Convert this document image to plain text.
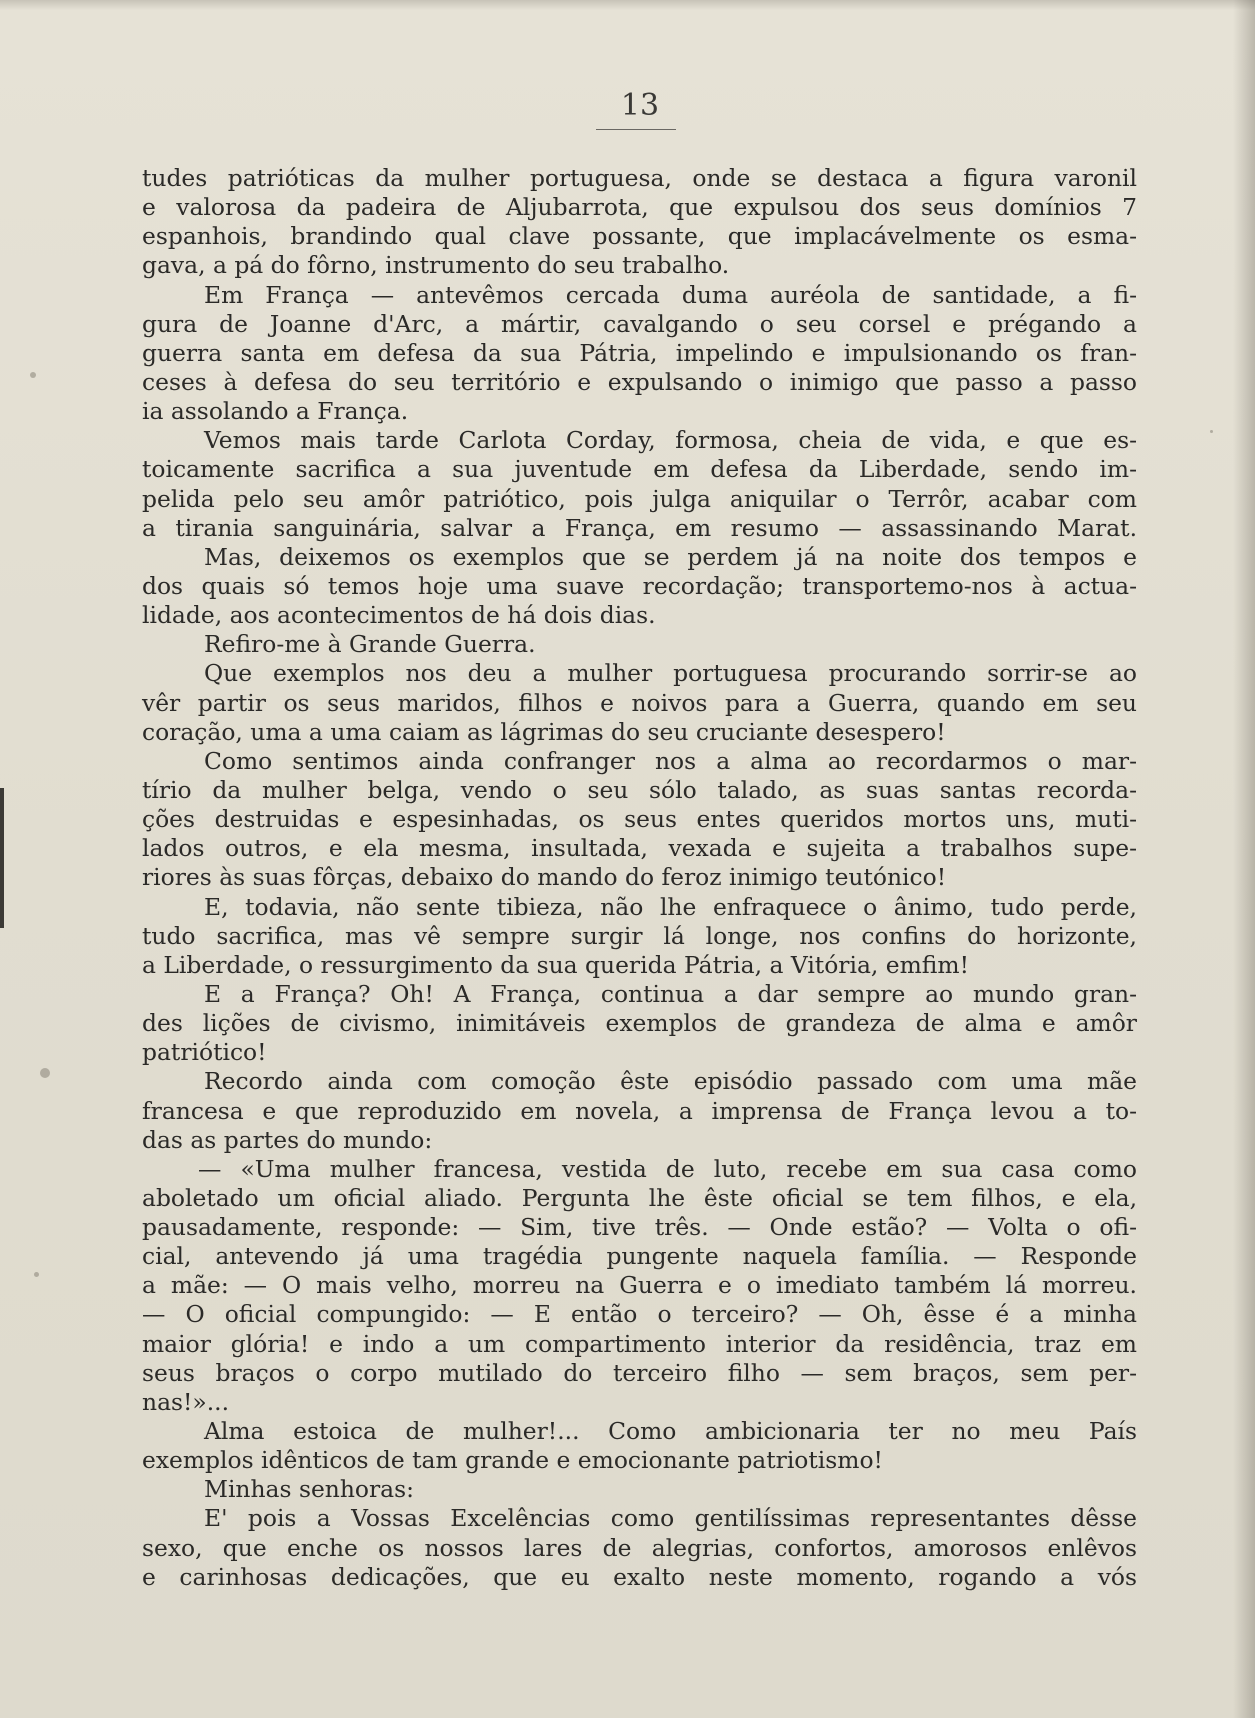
13
tudes patrióticas da mulher portuguesa, onde se destaca a figura varonil
e valorosa da padeira de Aljubarrota, que expulsou dos seus domínios 7
espanhois, brandindo qual clave possante, que implacávelmente os esma-
gava, a pá do fôrno, instrumento do seu trabalho.
Em França — antevêmos cercada duma auréola de santidade, a fi-
gura de Joanne d'Arc, a mártir, cavalgando o seu corsel e prégando a
guerra santa em defesa da sua Pátria, impelindo e impulsionando os fran-
ceses à defesa do seu território e expulsando o inimigo que passo a passo
ia assolando a França.
Vemos mais tarde Carlota Corday, formosa, cheia de vida, e que es-
toicamente sacrifica a sua juventude em defesa da Liberdade, sendo im-
pelida pelo seu amôr patriótico, pois julga aniquilar o Terrôr, acabar com
a tirania sanguinária, salvar a França, em resumo — assassinando Marat.
Mas, deixemos os exemplos que se perdem já na noite dos tempos e
dos quais só temos hoje uma suave recordação; transportemo-nos à actua-
lidade, aos acontecimentos de há dois dias.
Refiro-me à Grande Guerra.
Que exemplos nos deu a mulher portuguesa procurando sorrir-se ao
vêr partir os seus maridos, filhos e noivos para a Guerra, quando em seu
coração, uma a uma caiam as lágrimas do seu cruciante desespero!
Como sentimos ainda confranger nos a alma ao recordarmos o mar-
tírio da mulher belga, vendo o seu sólo talado, as suas santas recorda-
ções destruidas e espesinhadas, os seus entes queridos mortos uns, muti-
lados outros, e ela mesma, insultada, vexada e sujeita a trabalhos supe-
riores às suas fôrças, debaixo do mando do feroz inimigo teutónico!
E, todavia, não sente tibieza, não lhe enfraquece o ânimo, tudo perde,
tudo sacrifica, mas vê sempre surgir lá longe, nos confins do horizonte,
a Liberdade, o ressurgimento da sua querida Pátria, a Vitória, emfim!
E a França? Oh! A França, continua a dar sempre ao mundo gran-
des lições de civismo, inimitáveis exemplos de grandeza de alma e amôr
patriótico!
Recordo ainda com comoção êste episódio passado com uma mãe
francesa e que reproduzido em novela, a imprensa de França levou a to-
das as partes do mundo:
— «Uma mulher francesa, vestida de luto, recebe em sua casa como
aboletado um oficial aliado. Pergunta lhe êste oficial se tem filhos, e ela,
pausadamente, responde: — Sim, tive três. — Onde estão? — Volta o ofi-
cial, antevendo já uma tragédia pungente naquela família. — Responde
a mãe: — O mais velho, morreu na Guerra e o imediato também lá morreu.
— O oficial compungido: — E então o terceiro? — Oh, êsse é a minha
maior glória! e indo a um compartimento interior da residência, traz em
seus braços o corpo mutilado do terceiro filho — sem braços, sem per-
nas!»...
Alma estoica de mulher!... Como ambicionaria ter no meu País
exemplos idênticos de tam grande e emocionante patriotismo!
Minhas senhoras:
E' pois a Vossas Excelências como gentilíssimas representantes dêsse
sexo, que enche os nossos lares de alegrias, confortos, amorosos enlêvos
e carinhosas dedicações, que eu exalto neste momento, rogando a vós
